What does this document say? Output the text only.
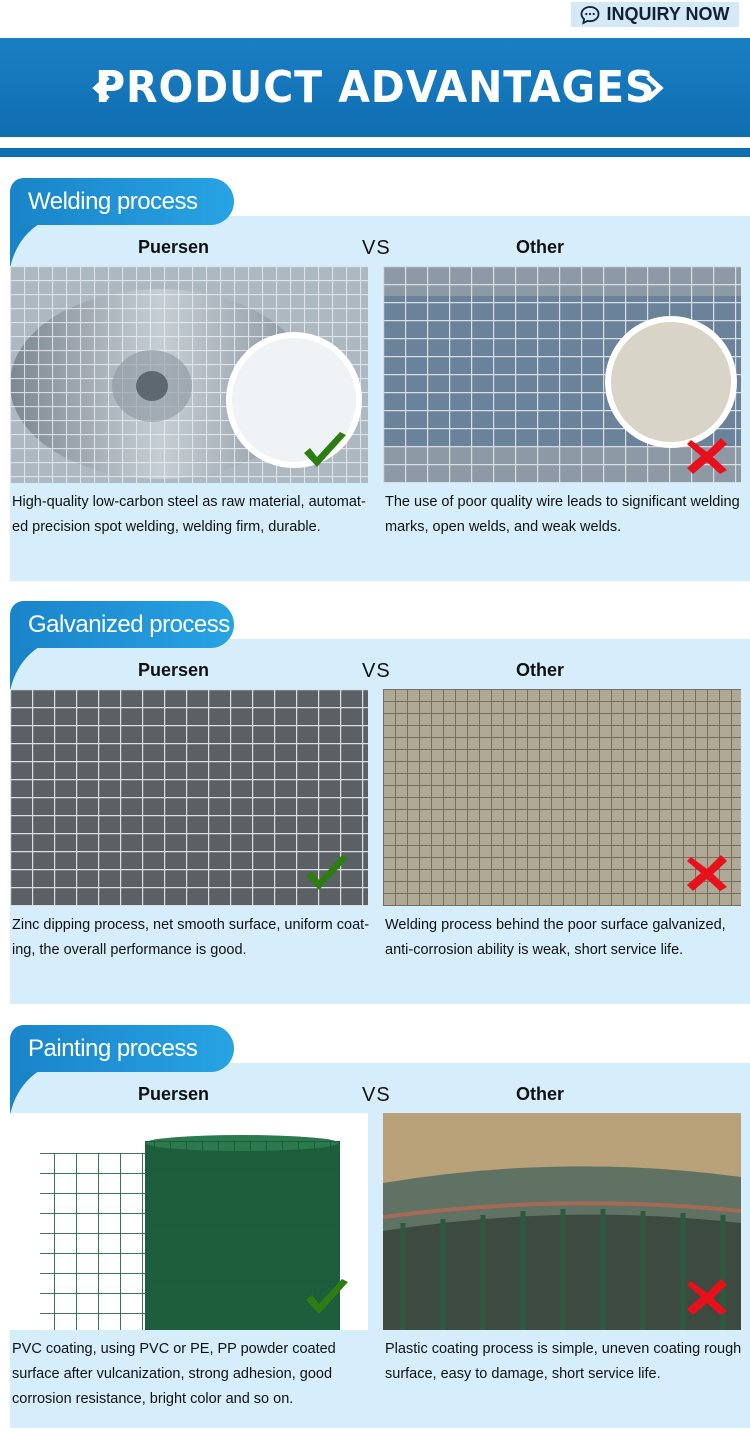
INQUIRY NOW
PRODUCT ADVANTAGES
Welding process
Puersen	VS	Other
High-quality low-carbon steel as raw material, automat-ed precision spot welding, welding firm, durable.
The use of poor quality wire leads to significant welding marks, open welds, and weak welds.
Galvanized process
Puersen	VS	Other
Zinc dipping process, net smooth surface, uniform coat-ing, the overall performance is good.
Welding process behind the poor surface galvanized, anti-corrosion ability is weak, short service life.
Painting process
Puersen	VS	Other
PVC coating, using PVC or PE, PP powder coated surface after vulcanization, strong adhesion, good corrosion resistance, bright color and so on.
Plastic coating process is simple, uneven coating rough surface, easy to damage, short service life.
